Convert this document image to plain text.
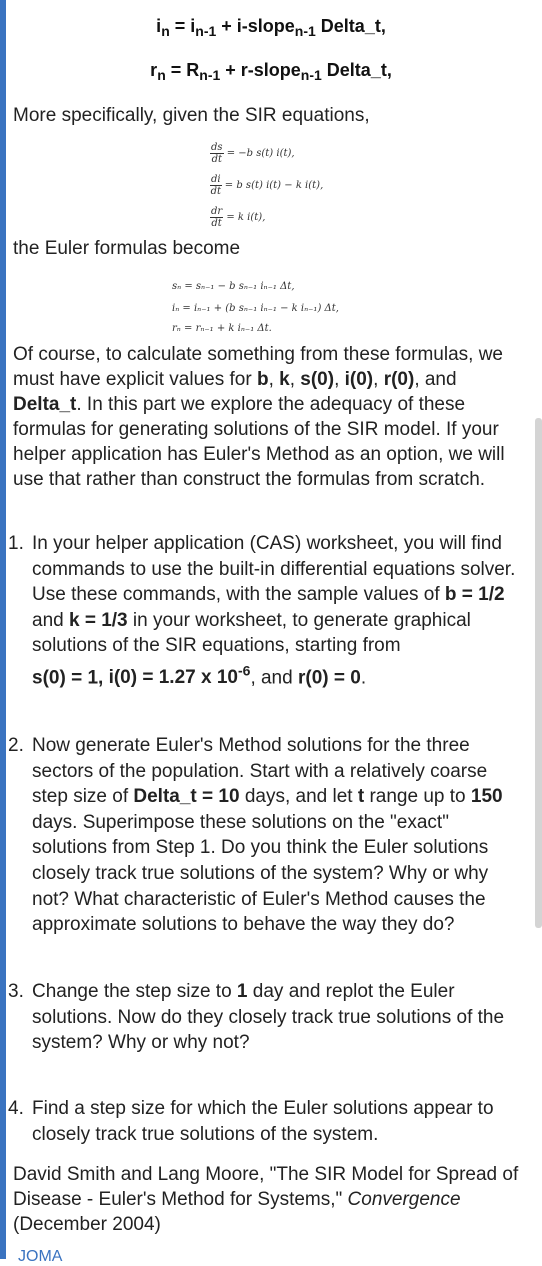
$i_n = i_{n-1}$ + i-slope$_{n-1}$ Delta_t,
$r_n = R_{n-1}$ + r-slope$_{n-1}$ Delta_t,
More specifically, given the SIR equations,
$\frac{ds}{dt} = -b$ s(t) i(t),
$\frac{di}{dt} = b$ s(t) i(t) − k i(t),
$\frac{dr}{dt} = k$ i(t),
the Euler formulas become
sₙ = sₙ₋₁ − b sₙ₋₁ iₙ₋₁ Δt,
iₙ = iₙ₋₁ + (b sₙ₋₁ iₙ₋₁ − k iₙ₋₁) Δt,
rₙ = rₙ₋₁ + k iₙ₋₁ Δt.
Of course, to calculate something from these formulas, we must have explicit values for b, k, s(0), i(0), r(0), and Delta_t. In this part we explore the adequacy of these formulas for generating solutions of the SIR model. If your helper application has Euler's Method as an option, we will use that rather than construct the formulas from scratch.
1. In your helper application (CAS) worksheet, you will find commands to use the built-in differential equations solver. Use these commands, with the sample values of b = 1/2 and k = 1/3 in your worksheet, to generate graphical solutions of the SIR equations, starting from
s(0) = 1, i(0) = 1.27 x $10^{-6}$, and r(0) = 0.
2. Now generate Euler's Method solutions for the three sectors of the population. Start with a relatively coarse step size of Delta_t = 10 days, and let t range up to 150 days. Superimpose these solutions on the "exact" solutions from Step 1. Do you think the Euler solutions closely track true solutions of the system? Why or why not? What characteristic of Euler's Method causes the approximate solutions to behave the way they do?
3. Change the step size to 1 day and replot the Euler solutions. Now do they closely track true solutions of the system? Why or why not?
4. Find a step size for which the Euler solutions appear to closely track true solutions of the system.
David Smith and Lang Moore, "The SIR Model for Spread of Disease - Euler's Method for Systems," Convergence (December 2004)
JOMA
